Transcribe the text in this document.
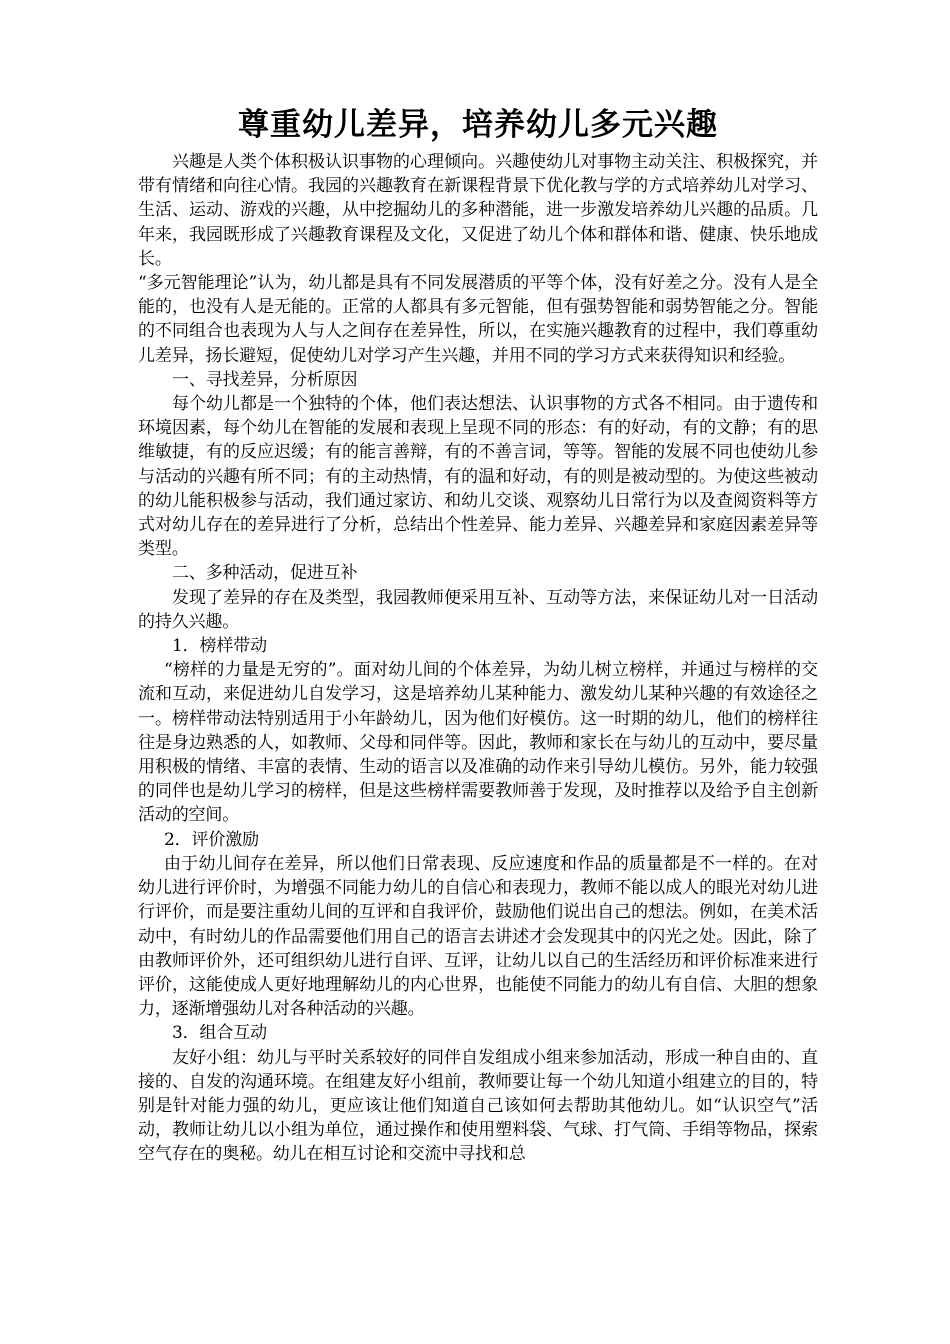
尊重幼儿差异，培养幼儿多元兴趣

兴趣是人类个体积极认识事物的心理倾向。兴趣使幼儿对事物主动关注、积极探究，并带有情绪和向往心情。我园的兴趣教育在新课程背景下优化教与学的方式培养幼儿对学习、生活、运动、游戏的兴趣，从中挖掘幼儿的多种潜能，进一步激发培养幼儿兴趣的品质。几年来，我园既形成了兴趣教育课程及文化，又促进了幼儿个体和群体和谐、健康、快乐地成长。

“多元智能理论”认为，幼儿都是具有不同发展潜质的平等个体，没有好差之分。没有人是全能的，也没有人是无能的。正常的人都具有多元智能，但有强势智能和弱势智能之分。智能的不同组合也表现为人与人之间存在差异性，所以，在实施兴趣教育的过程中，我们尊重幼儿差异，扬长避短，促使幼儿对学习产生兴趣，并用不同的学习方式来获得知识和经验。

一、寻找差异，分析原因

每个幼儿都是一个独特的个体，他们表达想法、认识事物的方式各不相同。由于遗传和环境因素，每个幼儿在智能的发展和表现上呈现不同的形态：有的好动，有的文静；有的思维敏捷，有的反应迟缓；有的能言善辩，有的不善言词，等等。智能的发展不同也使幼儿参与活动的兴趣有所不同；有的主动热情，有的温和好动，有的则是被动型的。为使这些被动的幼儿能积极参与活动，我们通过家访、和幼儿交谈、观察幼儿日常行为以及查阅资料等方式对幼儿存在的差异进行了分析，总结出个性差异、能力差异、兴趣差异和家庭因素差异等类型。

二、多种活动，促进互补

发现了差异的存在及类型，我园教师便采用互补、互动等方法，来保证幼儿对一日活动的持久兴趣。

1．榜样带动

“榜样的力量是无穷的”。面对幼儿间的个体差异，为幼儿树立榜样，并通过与榜样的交流和互动，来促进幼儿自发学习，这是培养幼儿某种能力、激发幼儿某种兴趣的有效途径之一。榜样带动法特别适用于小年龄幼儿，因为他们好模仿。这一时期的幼儿，他们的榜样往往是身边熟悉的人，如教师、父母和同伴等。因此，教师和家长在与幼儿的互动中，要尽量用积极的情绪、丰富的表情、生动的语言以及准确的动作来引导幼儿模仿。另外，能力较强的同伴也是幼儿学习的榜样，但是这些榜样需要教师善于发现，及时推荐以及给予自主创新活动的空间。

2．评价激励

由于幼儿间存在差异，所以他们日常表现、反应速度和作品的质量都是不一样的。在对幼儿进行评价时，为增强不同能力幼儿的自信心和表现力，教师不能以成人的眼光对幼儿进行评价，而是要注重幼儿间的互评和自我评价，鼓励他们说出自己的想法。例如，在美术活动中，有时幼儿的作品需要他们用自己的语言去讲述才会发现其中的闪光之处。因此，除了由教师评价外，还可组织幼儿进行自评、互评，让幼儿以自己的生活经历和评价标准来进行评价，这能使成人更好地理解幼儿的内心世界，也能使不同能力的幼儿有自信、大胆的想象力，逐渐增强幼儿对各种活动的兴趣。

3．组合互动

友好小组：幼儿与平时关系较好的同伴自发组成小组来参加活动，形成一种自由的、直接的、自发的沟通环境。在组建友好小组前，教师要让每一个幼儿知道小组建立的目的，特别是针对能力强的幼儿，更应该让他们知道自己该如何去帮助其他幼儿。如“认识空气”活动，教师让幼儿以小组为单位，通过操作和使用塑料袋、气球、打气筒、手绢等物品，探索空气存在的奥秘。幼儿在相互讨论和交流中寻找和总
